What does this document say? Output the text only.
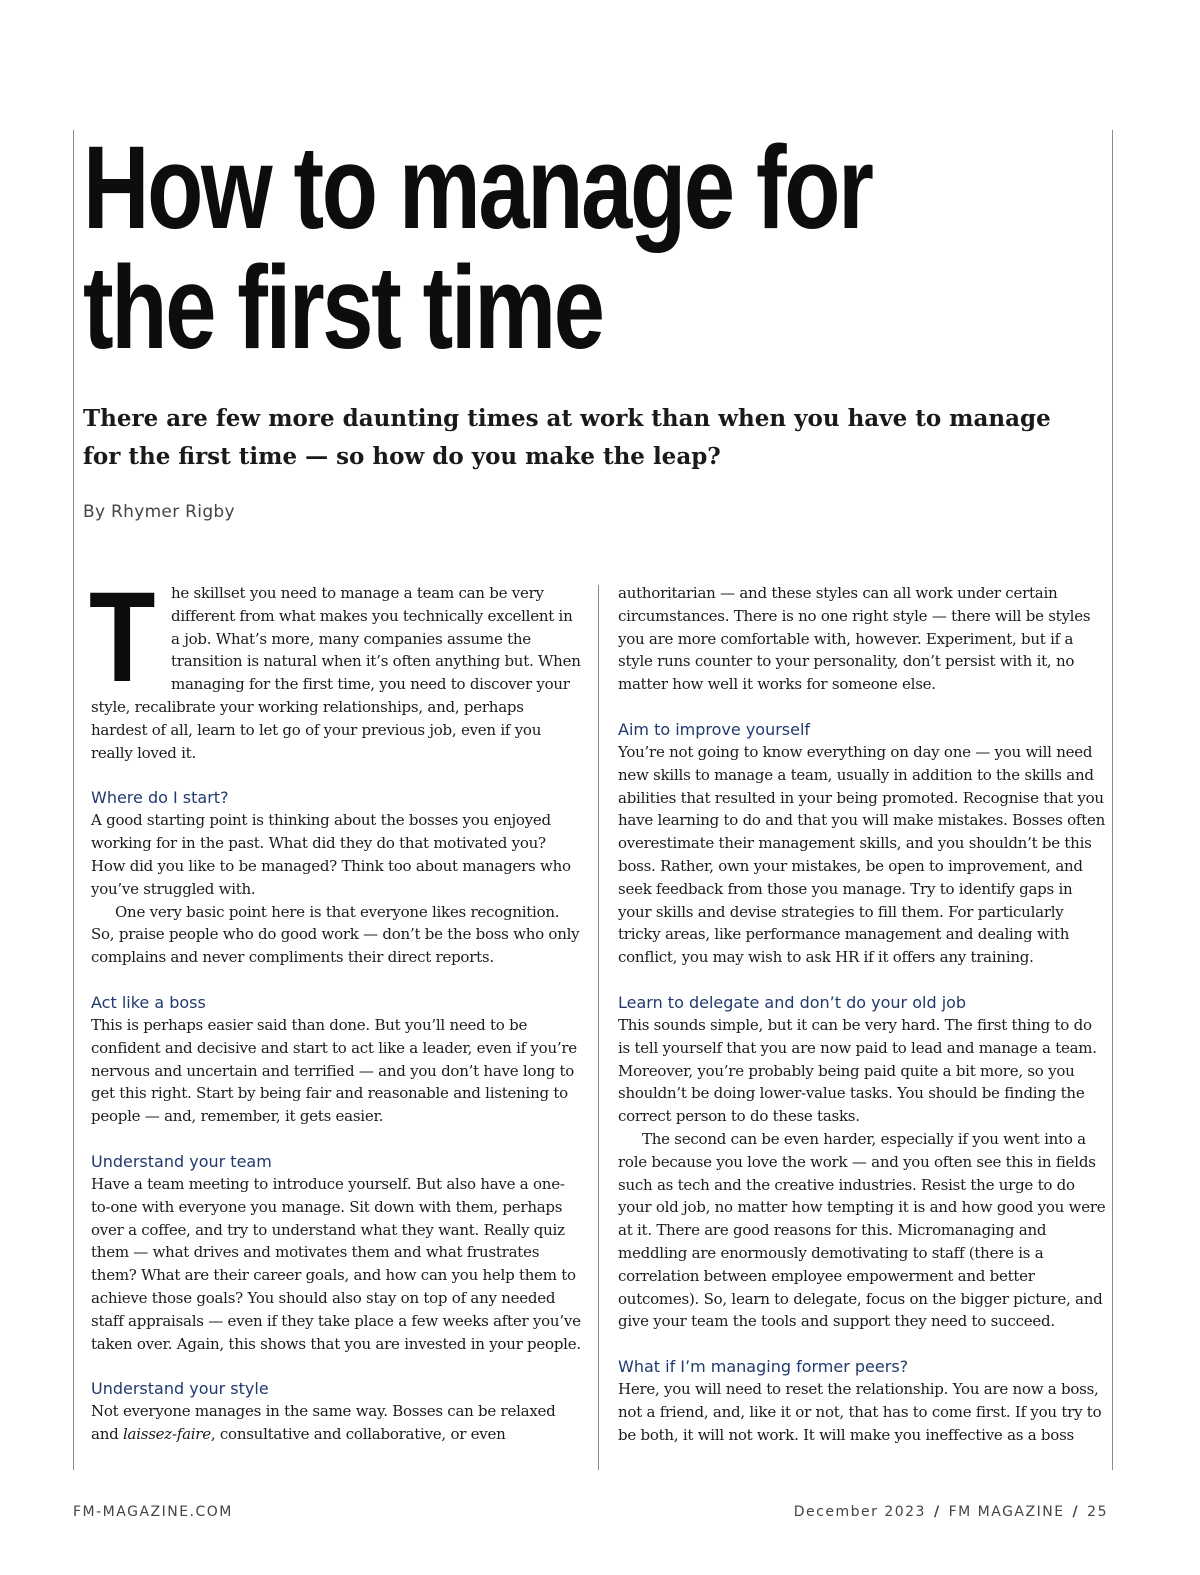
How to manage for
the first time

There are few more daunting times at work than when you have to manage for the first time — so how do you make the leap?

By Rhymer Rigby

T he skillset you need to manage a team can be very different from what makes you technically excellent in a job. What’s more, many companies assume the transition is natural when it’s often anything but. When managing for the first time, you need to discover your style, recalibrate your working relationships, and, perhaps hardest of all, learn to let go of your previous job, even if you really loved it.

Where do I start?

A good starting point is thinking about the bosses you enjoyed working for in the past. What did they do that motivated you? How did you like to be managed? Think too about managers who you’ve struggled with.

One very basic point here is that everyone likes recognition. So, praise people who do good work — don’t be the boss who only complains and never compliments their direct reports.

Act like a boss

This is perhaps easier said than done. But you’ll need to be confident and decisive and start to act like a leader, even if you’re nervous and uncertain and terrified — and you don’t have long to get this right. Start by being fair and reasonable and listening to people — and, remember, it gets easier.

Understand your team

Have a team meeting to introduce yourself. But also have a one-to-one with everyone you manage. Sit down with them, perhaps over a coffee, and try to understand what they want. Really quiz them — what drives and motivates them and what frustrates them? What are their career goals, and how can you help them to achieve those goals? You should also stay on top of any needed staff appraisals — even if they take place a few weeks after you’ve taken over. Again, this shows that you are invested in your people.

Understand your style

Not everyone manages in the same way. Bosses can be relaxed and laissez-faire, consultative and collaborative, or even

authoritarian — and these styles can all work under certain circumstances. There is no one right style — there will be styles you are more comfortable with, however. Experiment, but if a style runs counter to your personality, don’t persist with it, no matter how well it works for someone else.

Aim to improve yourself

You’re not going to know everything on day one — you will need new skills to manage a team, usually in addition to the skills and abilities that resulted in your being promoted. Recognise that you have learning to do and that you will make mistakes. Bosses often overestimate their management skills, and you shouldn’t be this boss. Rather, own your mistakes, be open to improvement, and seek feedback from those you manage. Try to identify gaps in your skills and devise strategies to fill them. For particularly tricky areas, like performance management and dealing with conflict, you may wish to ask HR if it offers any training.

Learn to delegate and don’t do your old job

This sounds simple, but it can be very hard. The first thing to do is tell yourself that you are now paid to lead and manage a team. Moreover, you’re probably being paid quite a bit more, so you shouldn’t be doing lower-value tasks. You should be finding the correct person to do these tasks.

The second can be even harder, especially if you went into a role because you love the work — and you often see this in fields such as tech and the creative industries. Resist the urge to do your old job, no matter how tempting it is and how good you were at it. There are good reasons for this. Micromanaging and meddling are enormously demotivating to staff (there is a correlation between employee empowerment and better outcomes). So, learn to delegate, focus on the bigger picture, and give your team the tools and support they need to succeed.

What if I’m managing former peers?

Here, you will need to reset the relationship. You are now a boss, not a friend, and, like it or not, that has to come first. If you try to be both, it will not work. It will make you ineffective as a boss

FM-MAGAZINE.COM	December 2023 / FM MAGAZINE / 25
